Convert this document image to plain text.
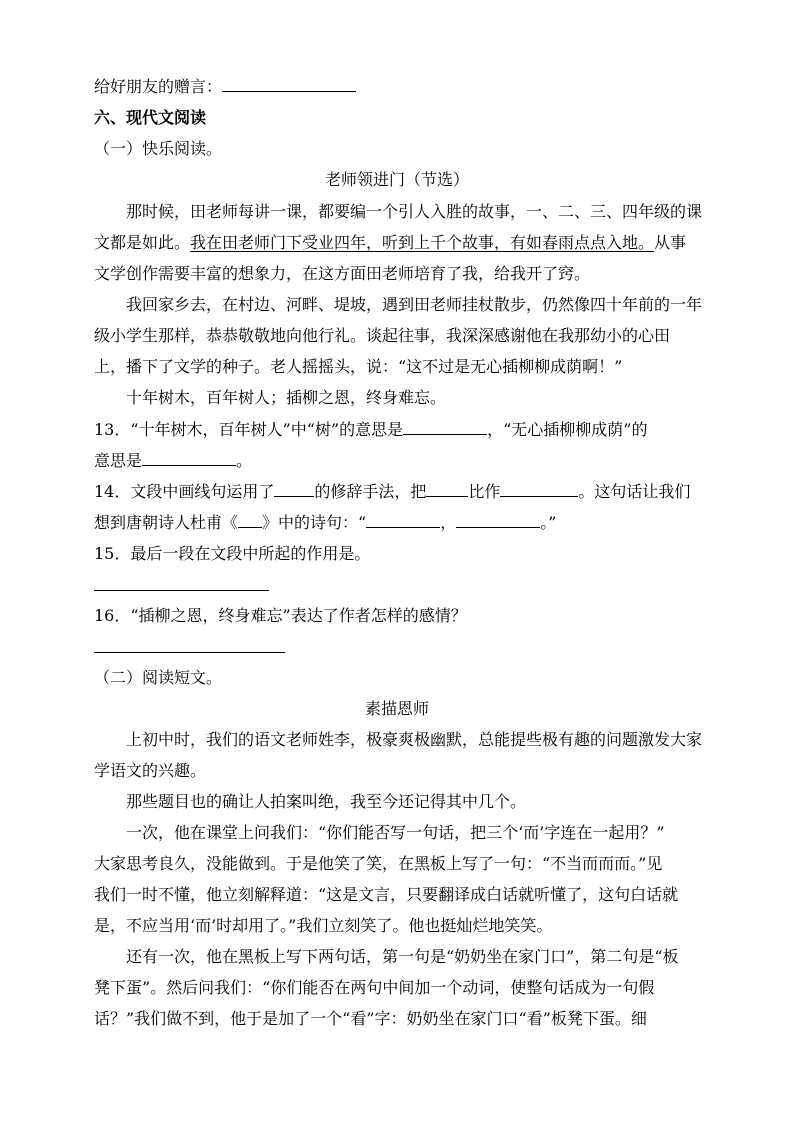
给好朋友的赠言：
六、现代文阅读
（一）快乐阅读。
老师领进门（节选）
那时候，田老师每讲一课，都要编一个引人入胜的故事，一、二、三、四年级的课
文都是如此。我在田老师门下受业四年，听到上千个故事，有如春雨点点入地。从事
文学创作需要丰富的想象力，在这方面田老师培育了我，给我开了窍。
我回家乡去，在村边、河畔、堤坡，遇到田老师挂杖散步，仍然像四十年前的一年
级小学生那样，恭恭敬敬地向他行礼。谈起往事，我深深感谢他在我那幼小的心田
上，播下了文学的种子。老人摇摇头，说：“这不过是无心插柳柳成荫啊！”
十年树木，百年树人；插柳之恩，终身难忘。
13．“十年树木，百年树人”中“树”的意思是	，“无心插柳柳成荫”的
意思是	。
14．文段中画线句运用了	的修辞手法，把	比作	。这句话让我们
想到唐朝诗人杜甫《 》中的诗句：“	，	。”
15．最后一段在文段中所起的作用是。
16．“插柳之恩，终身难忘”表达了作者怎样的感情？
（二）阅读短文。
素描恩师
上初中时，我们的语文老师姓李，极豪爽极幽默，总能提些极有趣的问题激发大家
学语文的兴趣。
那些题目也的确让人拍案叫绝，我至今还记得其中几个。
一次，他在课堂上问我们：“你们能否写一句话，把三个‘而’字连在一起用？”
大家思考良久，没能做到。于是他笑了笑，在黑板上写了一句：“不当而而而。”见
我们一时不懂，他立刻解释道：“这是文言，只要翻译成白话就听懂了，这句白话就
是，不应当用‘而’时却用了。”我们立刻笑了。他也挺灿烂地笑笑。
还有一次，他在黑板上写下两句话，第一句是“奶奶坐在家门口”，第二句是“板
凳下蛋”。然后问我们：“你们能否在两句中间加一个动词，使整句话成为一句假
话？”我们做不到，他于是加了一个“看”字：奶奶坐在家门口“看”板凳下蛋。细
